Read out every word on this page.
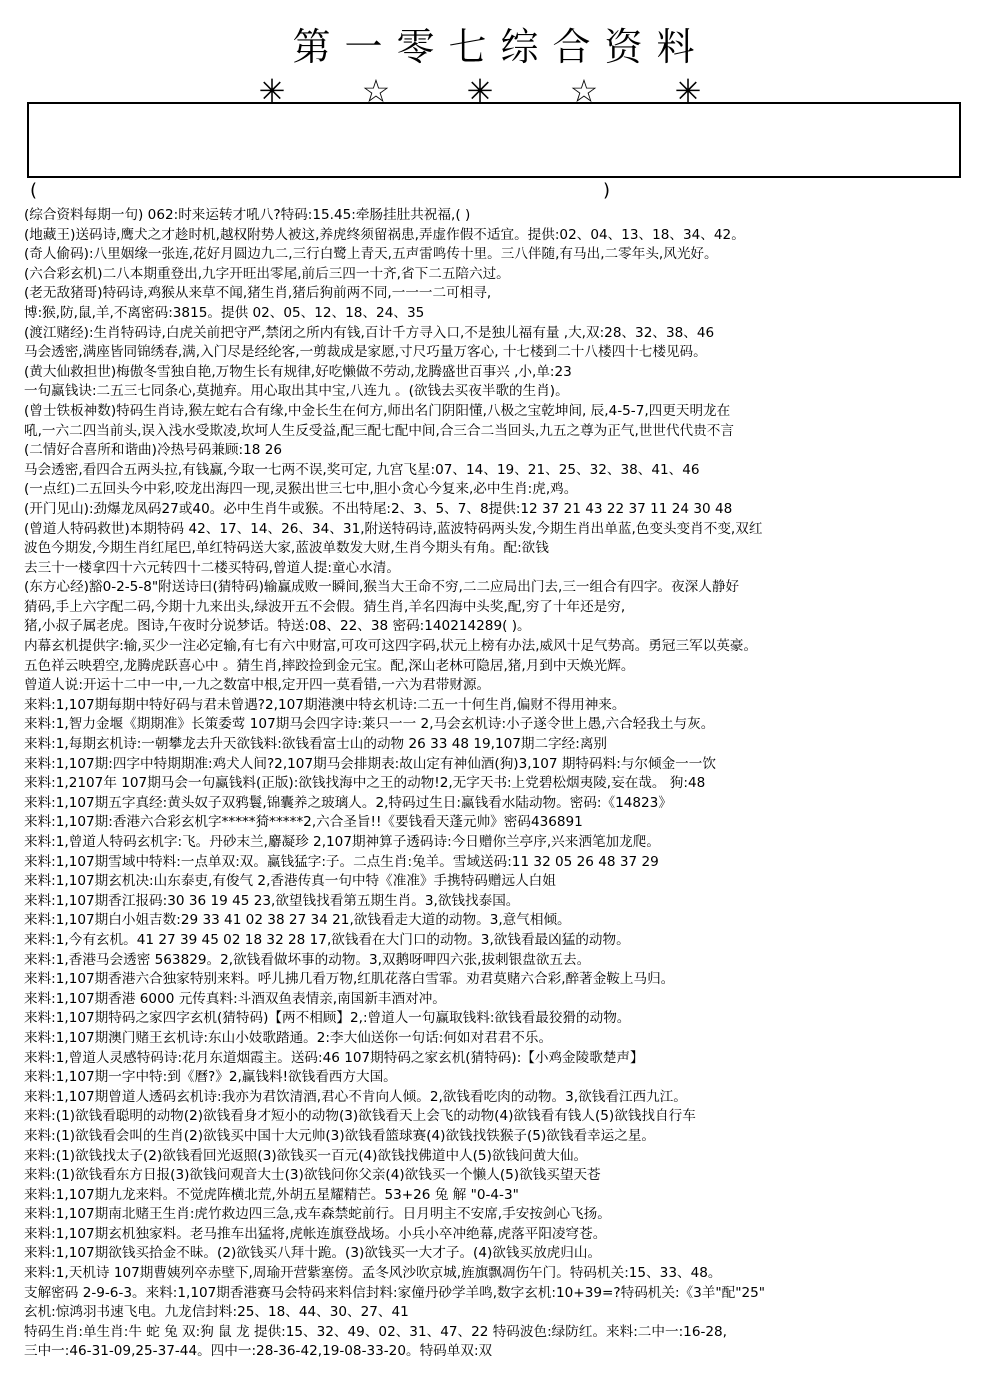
第一零七综合资料
✳ ☆ ✳ ☆ ✳
(	)
(综合资料每期一句) 062:时来运转才吼八?特码:15.45:牵肠挂肚共祝福,( )
(地藏王)送码诗,鹰犬之才趁时机,越权附势人被这,养虎终须留祸患,弄虚作假不适宜。提供:02、04、13、18、34、42。
(奇人偷码):八里姻缘一张连,花好月圆边九二,三行白鹭上青天,五声雷鸣传十里。三八伴随,有马出,二零年头,风光好。
(六合彩玄机)二八本期重登出,九字开旺出零尾,前后三四一十齐,省下二五陪六过。
(老无敌猪哥)特码诗,鸡猴从来草不闻,猪生肖,猪后狗前两不同,一一一二可相寻,
博:猴,防,鼠,羊,不离密码:3815。提供 02、05、12、18、24、35
(渡江赌经):生肖特码诗,白虎关前把守严,禁闭之所内有钱,百计千方寻入口,不是独儿福有量 ,大,双:28、32、38、46
马会透密,满座皆同锦绣春,满,入门尽是经纶客,一剪裁成是家愿,寸尺巧量万客心, 十七楼到二十八楼四十七楼见码。
(黄大仙救担世)梅傲冬雪独自艳,万物生长有规律,好吃懒做不劳动,龙腾盛世百事兴 ,小,单:23
一句赢钱诀:二五三七同条心,莫抛弃。用心取出其中宝,八连九 。(欲钱去买夜半歌的生肖)。
(曾士铁板神数)特码生肖诗,猴左蛇右合有缘,中金长生在何方,师出名门阴阳懂,八极之宝乾坤间, 辰,4-5-7,四更天明龙在
吼,一六二四当前头,误入浅水受欺凌,坎坷人生反受益,配三配七配中间,合三合二当回头,九五之尊为正气,世世代代贵不言
(二情好合喜所和谐曲)冷热号码兼顾:18 26
马会透密,看四合五两头拉,有钱赢,今取一七两不误,奖可定, 九宫飞星:07、14、19、21、25、32、38、41、46
(一点红)二五回头今中彩,咬龙出海四一现,灵猴出世三七中,胆小贪心今复来,必中生肖:虎,鸡。
(开门见山):劲爆龙凤码27或40。必中生肖牛或猴。不出特尾:2、3、5、7、8提供:12 37 21 43 22 37 11 24 30 48
(曾道人特码救世)本期特码 42、17、14、26、34、31,附送特码诗,蓝波特码两头发,今期生肖出单蓝,色变头变肖不变,双红
波色今期发,今期生肖红尾巴,单红特码送大家,蓝波单数发大财,生肖今期头有角。配:欲钱
去三十一楼拿四十六元转四十二楼买特码,曾道人提:童心水清。
(东方心经)豁0-2-5-8"附送诗曰(猜特码)输赢成败一瞬间,猴当大王命不穷,二二应局出门去,三一组合有四字。夜深人静好
猜码,手上六字配二码,今期十九来出头,绿波开五不会假。猜生肖,羊名四海中头奖,配,穷了十年还是穷,
猪,小叔子属老虎。图诗,午夜时分说梦话。特送:08、22、38 密码:140214289( )。
内幕玄机提供字:输,买少一注必定输,有七有六中财富,可攻可这四字码,状元上榜有办法,威风十足气势高。勇冠三军以英豪。
五色祥云映碧空,龙腾虎跃喜心中 。猜生肖,摔跤捡到金元宝。配,深山老林可隐居,猪,月到中天焕光辉。
曾道人说:开运十二中一中,一九之数富中根,定开四一莫看错,一六为君带财源。
来料:1,107期每期中特好码与君未曾遇?2,107期港澳中特玄机诗:二五一十何生肖,偏财不得用神来。
来料:1,智力金堰《期期准》长策委莺 107期马会四字诗:莱只一一 2,马会玄机诗:小子遂令世上愚,六合轻我土与灰。
来料:1,每期玄机诗:一朝攀龙去升天欲钱料:欲钱看富士山的动物 26 33 48 19,107期二字经:离别
来料:1,107期:四字中特期期准:鸡犬人间?2,107期马会排期表:故山定有神仙酒(狗)3,107 期特码料:与尔倾金一一饮
来料:1,2107年 107期马会一句赢钱料(正版):欲钱找海中之王的动物!2,无字天书:上党碧松烟夷陵,妄在哉。 狗:48
来料:1,107期五字真经:黄头奴子双鸦鬟,锦囊养之玻璃人。2,特码过生日:赢钱看水陆动物。密码:《14823》
来料:1,107期:香港六合彩玄机字*****猗*****2,六合圣旨!!《要钱看天蓬元帅》密码436891
来料:1,曾道人特码玄机字:飞。丹砂末兰,麝凝珍 2,107期神算子透码诗:今日赠你兰亭序,兴来洒笔加龙爬。
来料:1,107期雪域中特料:一点单双:双。赢钱猛字:子。二点生肖:兔羊。雪域送码:11 32 05 26 48 37 29
来料:1,107期玄机决:山东泰吏,有俊气 2,香港传真一句中特《准准》手携特码赠远人白姐
来料:1,107期香江报码:30 36 19 45 23,欲望钱找看第五期生肖。3,欲钱找泰国。
来料:1,107期白小姐吉数:29 33 41 02 38 27 34 21,欲钱看走大道的动物。3,意气相倾。
来料:1,今有玄机。41 27 39 45 02 18 32 28 17,欲钱看在大门口的动物。3,欲钱看最凶猛的动物。
来料:1,香港马会透密 563829。2,欲钱看做坏事的动物。3,双鹅呀呷四六张,拔刺银盘欲五去。
来料:1,107期香港六合独家特别来料。呼儿拂几看万物,红肌花落白雪霏。劝君莫赌六合彩,醉著金鞍上马归。
来料:1,107期香港 6000 元传真料:斗酒双鱼表情亲,南国新丰酒对冲。
来料:1,107期特码之家四字玄机(猜特码)【两不相顾】2,:曾道人一句赢取钱料:欲钱看最狡猾的动物。
来料:1,107期澳门赌王玄机诗:东山小妓歌踏通。2:李大仙送你一句话:何如对君君不乐。
来料:1,曾道人灵感特码诗:花月东道烟霞主。送码:46 107期特码之家玄机(猜特码):【小鸡金陵歌楚声】
来料:1,107期一字中特:到《曆?》2,赢钱料!欲钱看西方大国。
来料:1,107期曾道人透码玄机诗:我亦为君饮清酒,君心不肯向人倾。2,欲钱看吃肉的动物。3,欲钱看江西九江。
来料:(1)欲钱看聪明的动物(2)欲钱看身才短小的动物(3)欲钱看天上会飞的动物(4)欲钱看有钱人(5)欲钱找自行车
来料:(1)欲钱看会叫的生肖(2)欲钱买中国十大元帅(3)欲钱看篮球赛(4)欲钱找铁猴子(5)欲钱看幸运之星。
来料:(1)欲钱找太子(2)欲钱看回光返照(3)欲钱买一百元(4)欲钱找佛道中人(5)欲钱问黄大仙。
来料:(1)欲钱看东方日报(3)欲钱问观音大士(3)欲钱问你父亲(4)欲钱买一个懒人(5)欲钱买望天苍
来料:1,107期九龙来料。不觉虎阵横北荒,外胡五星耀精芒。53+26 兔 解 "0-4-3"
来料:1,107期南北赌王生肖:虎竹救边四三急,戎车森禁蛇前行。日月明主不安席,手安按剑心飞扬。
来料:1,107期玄机独家料。老马推车出猛将,虎帐连旗登战场。小兵小卒冲绝幕,虎落平阳凌穹苍。
来料:1,107期欲钱买拾金不昧。(2)欲钱买八拜十跪。(3)欲钱买一大才子。(4)欲钱买放虎归山。
来料:1,天机诗 107期曹姨列卒赤壁下,周瑜开营紫塞傍。孟冬风沙吹京城,旌旗飘凋伤午门。特码机关:15、33、48。
支解密码 2-9-6-3。来料:1,107期香港赛马会特码来料信封料:家僮丹砂学羊鸣,数字玄机:10+39=?特码机关:《3羊"配"25"
玄机:惊鸿羽书速飞电。九龙信封料:25、18、44、30、27、41
特码生肖:单生肖:牛 蛇 兔 双:狗 鼠 龙 提供:15、32、49、02、31、47、22 特码波色:绿防红。来料:二中一:16-28,
三中一:46-31-09,25-37-44。四中一:28-36-42,19-08-33-20。特码单双:双
